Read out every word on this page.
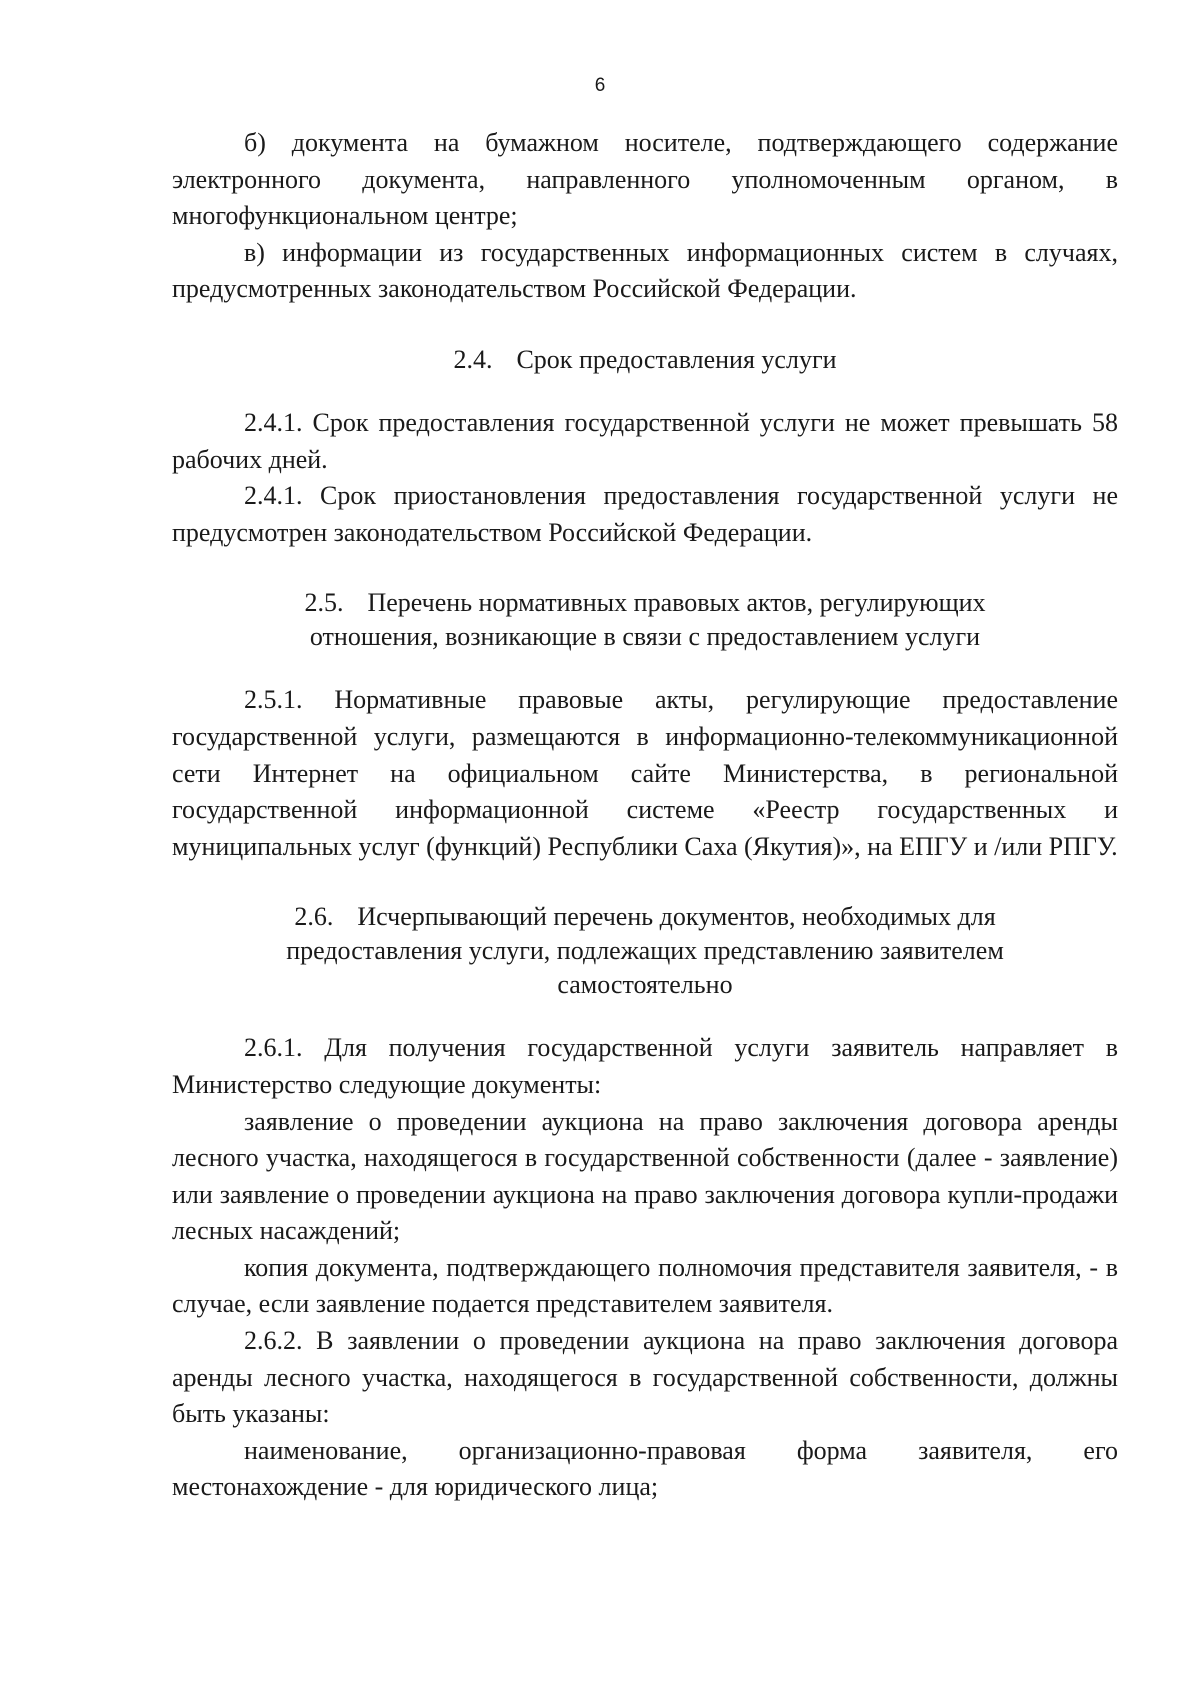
6

б) документа на бумажном носителе, подтверждающего содержание электронного документа, направленного уполномоченным органом, в многофункциональном центре;

в) информации из государственных информационных систем в случаях, предусмотренных законодательством Российской Федерации.

2.4. Срок предоставления услуги

2.4.1. Срок предоставления государственной услуги не может превышать 58 рабочих дней.

2.4.1. Срок приостановления предоставления государственной услуги не предусмотрен законодательством Российской Федерации.

2.5. Перечень нормативных правовых актов, регулирующих отношения, возникающие в связи с предоставлением услуги

2.5.1. Нормативные правовые акты, регулирующие предоставление государственной услуги, размещаются в информационно-телекоммуникационной сети Интернет на официальном сайте Министерства, в региональной государственной информационной системе «Реестр государственных и муниципальных услуг (функций) Республики Саха (Якутия)», на ЕПГУ и /или РПГУ.

2.6. Исчерпывающий перечень документов, необходимых для предоставления услуги, подлежащих представлению заявителем самостоятельно

2.6.1. Для получения государственной услуги заявитель направляет в Министерство следующие документы:

заявление о проведении аукциона на право заключения договора аренды лесного участка, находящегося в государственной собственности (далее - заявление) или заявление о проведении аукциона на право заключения договора купли-продажи лесных насаждений;

копия документа, подтверждающего полномочия представителя заявителя, - в случае, если заявление подается представителем заявителя.

2.6.2. В заявлении о проведении аукциона на право заключения договора аренды лесного участка, находящегося в государственной собственности, должны быть указаны:

наименование, организационно-правовая форма заявителя, его местонахождение - для юридического лица;
